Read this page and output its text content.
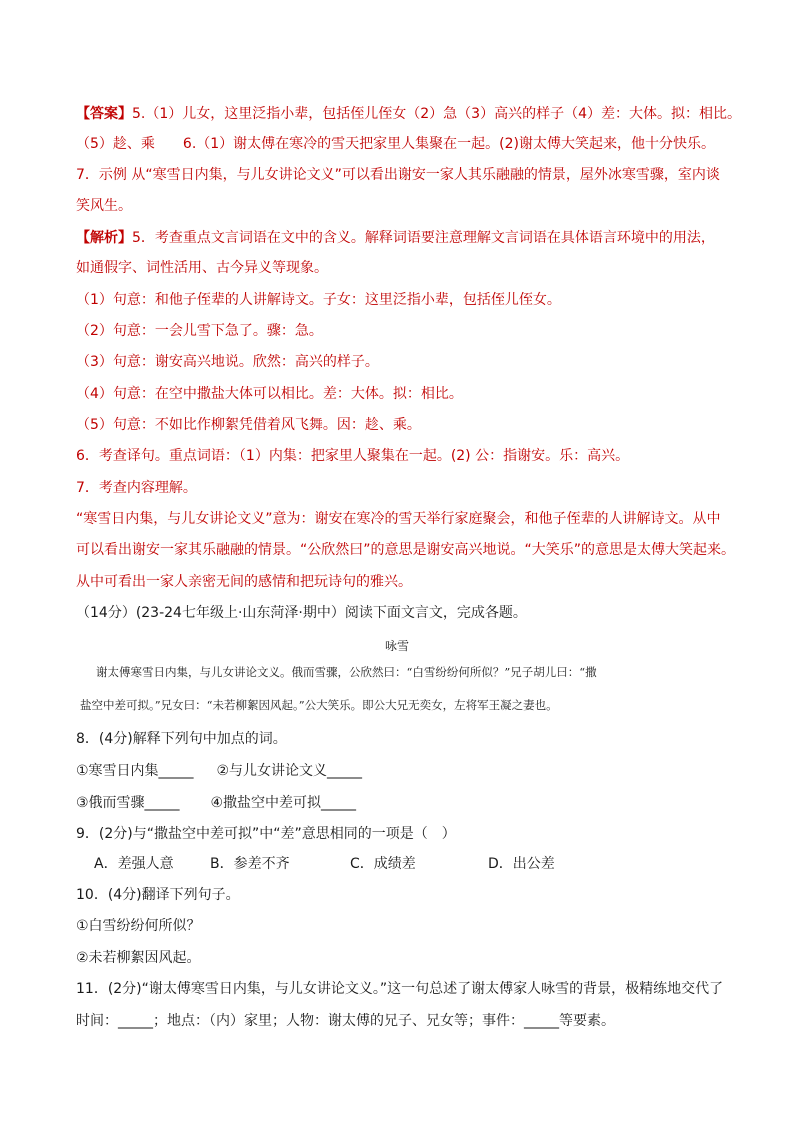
【答案】5.（1）儿女，这里泛指小辈，包括侄儿侄女（2）急（3）高兴的样子（4）差：大体。拟：相比。
（5）趁、乘　　6.（1）谢太傅在寒冷的雪天把家里人集聚在一起。(2)谢太傅大笑起来，他十分快乐。
7．示例 从“寒雪日内集，与儿女讲论文义”可以看出谢安一家人其乐融融的情景，屋外冰寒雪骤，室内谈
笑风生。
【解析】5．考查重点文言词语在文中的含义。解释词语要注意理解文言词语在具体语言环境中的用法，
如通假字、词性活用、古今异义等现象。
（1）句意：和他子侄辈的人讲解诗文。子女：这里泛指小辈，包括侄儿侄女。
（2）句意：一会儿雪下急了。骤：急。
（3）句意：谢安高兴地说。欣然：高兴的样子。
（4）句意：在空中撒盐大体可以相比。差：大体。拟：相比。
（5）句意：不如比作柳絮凭借着风飞舞。因：趁、乘。
6．考查译句。重点词语：（1）内集：把家里人聚集在一起。(2) 公：指谢安。乐：高兴。
7．考查内容理解。
“寒雪日内集，与儿女讲论文义”意为：谢安在寒冷的雪天举行家庭聚会，和他子侄辈的人讲解诗文。从中
可以看出谢安一家其乐融融的情景。“公欣然曰”的意思是谢安高兴地说。“大笑乐”的意思是太傅大笑起来。
从中可看出一家人亲密无间的感情和把玩诗句的雅兴。
（14分）(23-24七年级上·山东菏泽·期中）阅读下面文言文，完成各题。
咏雪
谢太傅寒雪日内集，与儿女讲论文义。俄而雪骤，公欣然曰：“白雪纷纷何所似？”兄子胡儿曰：“撒
盐空中差可拟。”兄女曰：“未若柳絮因风起。”公大笑乐。即公大兄无奕女，左将军王凝之妻也。
8．(4分)解释下列句中加点的词。
①寒雪日内集_____ ②与儿女讲论文义_____
③俄而雪骤_____ ④撒盐空中差可拟_____
9．(2分)与“撒盐空中差可拟”中“差”意思相同的一项是（　）
A．差强人意	B．参差不齐	C．成绩差	D．出公差
10．(4分)翻译下列句子。
①白雪纷纷何所似？
②未若柳絮因风起。
11．(2分)“谢太傅寒雪日内集，与儿女讲论文义。”这一句总述了谢太傅家人咏雪的背景，极精练地交代了
时间：_____；地点：（内）家里；人物：谢太傅的兄子、兄女等；事件：_____等要素。
